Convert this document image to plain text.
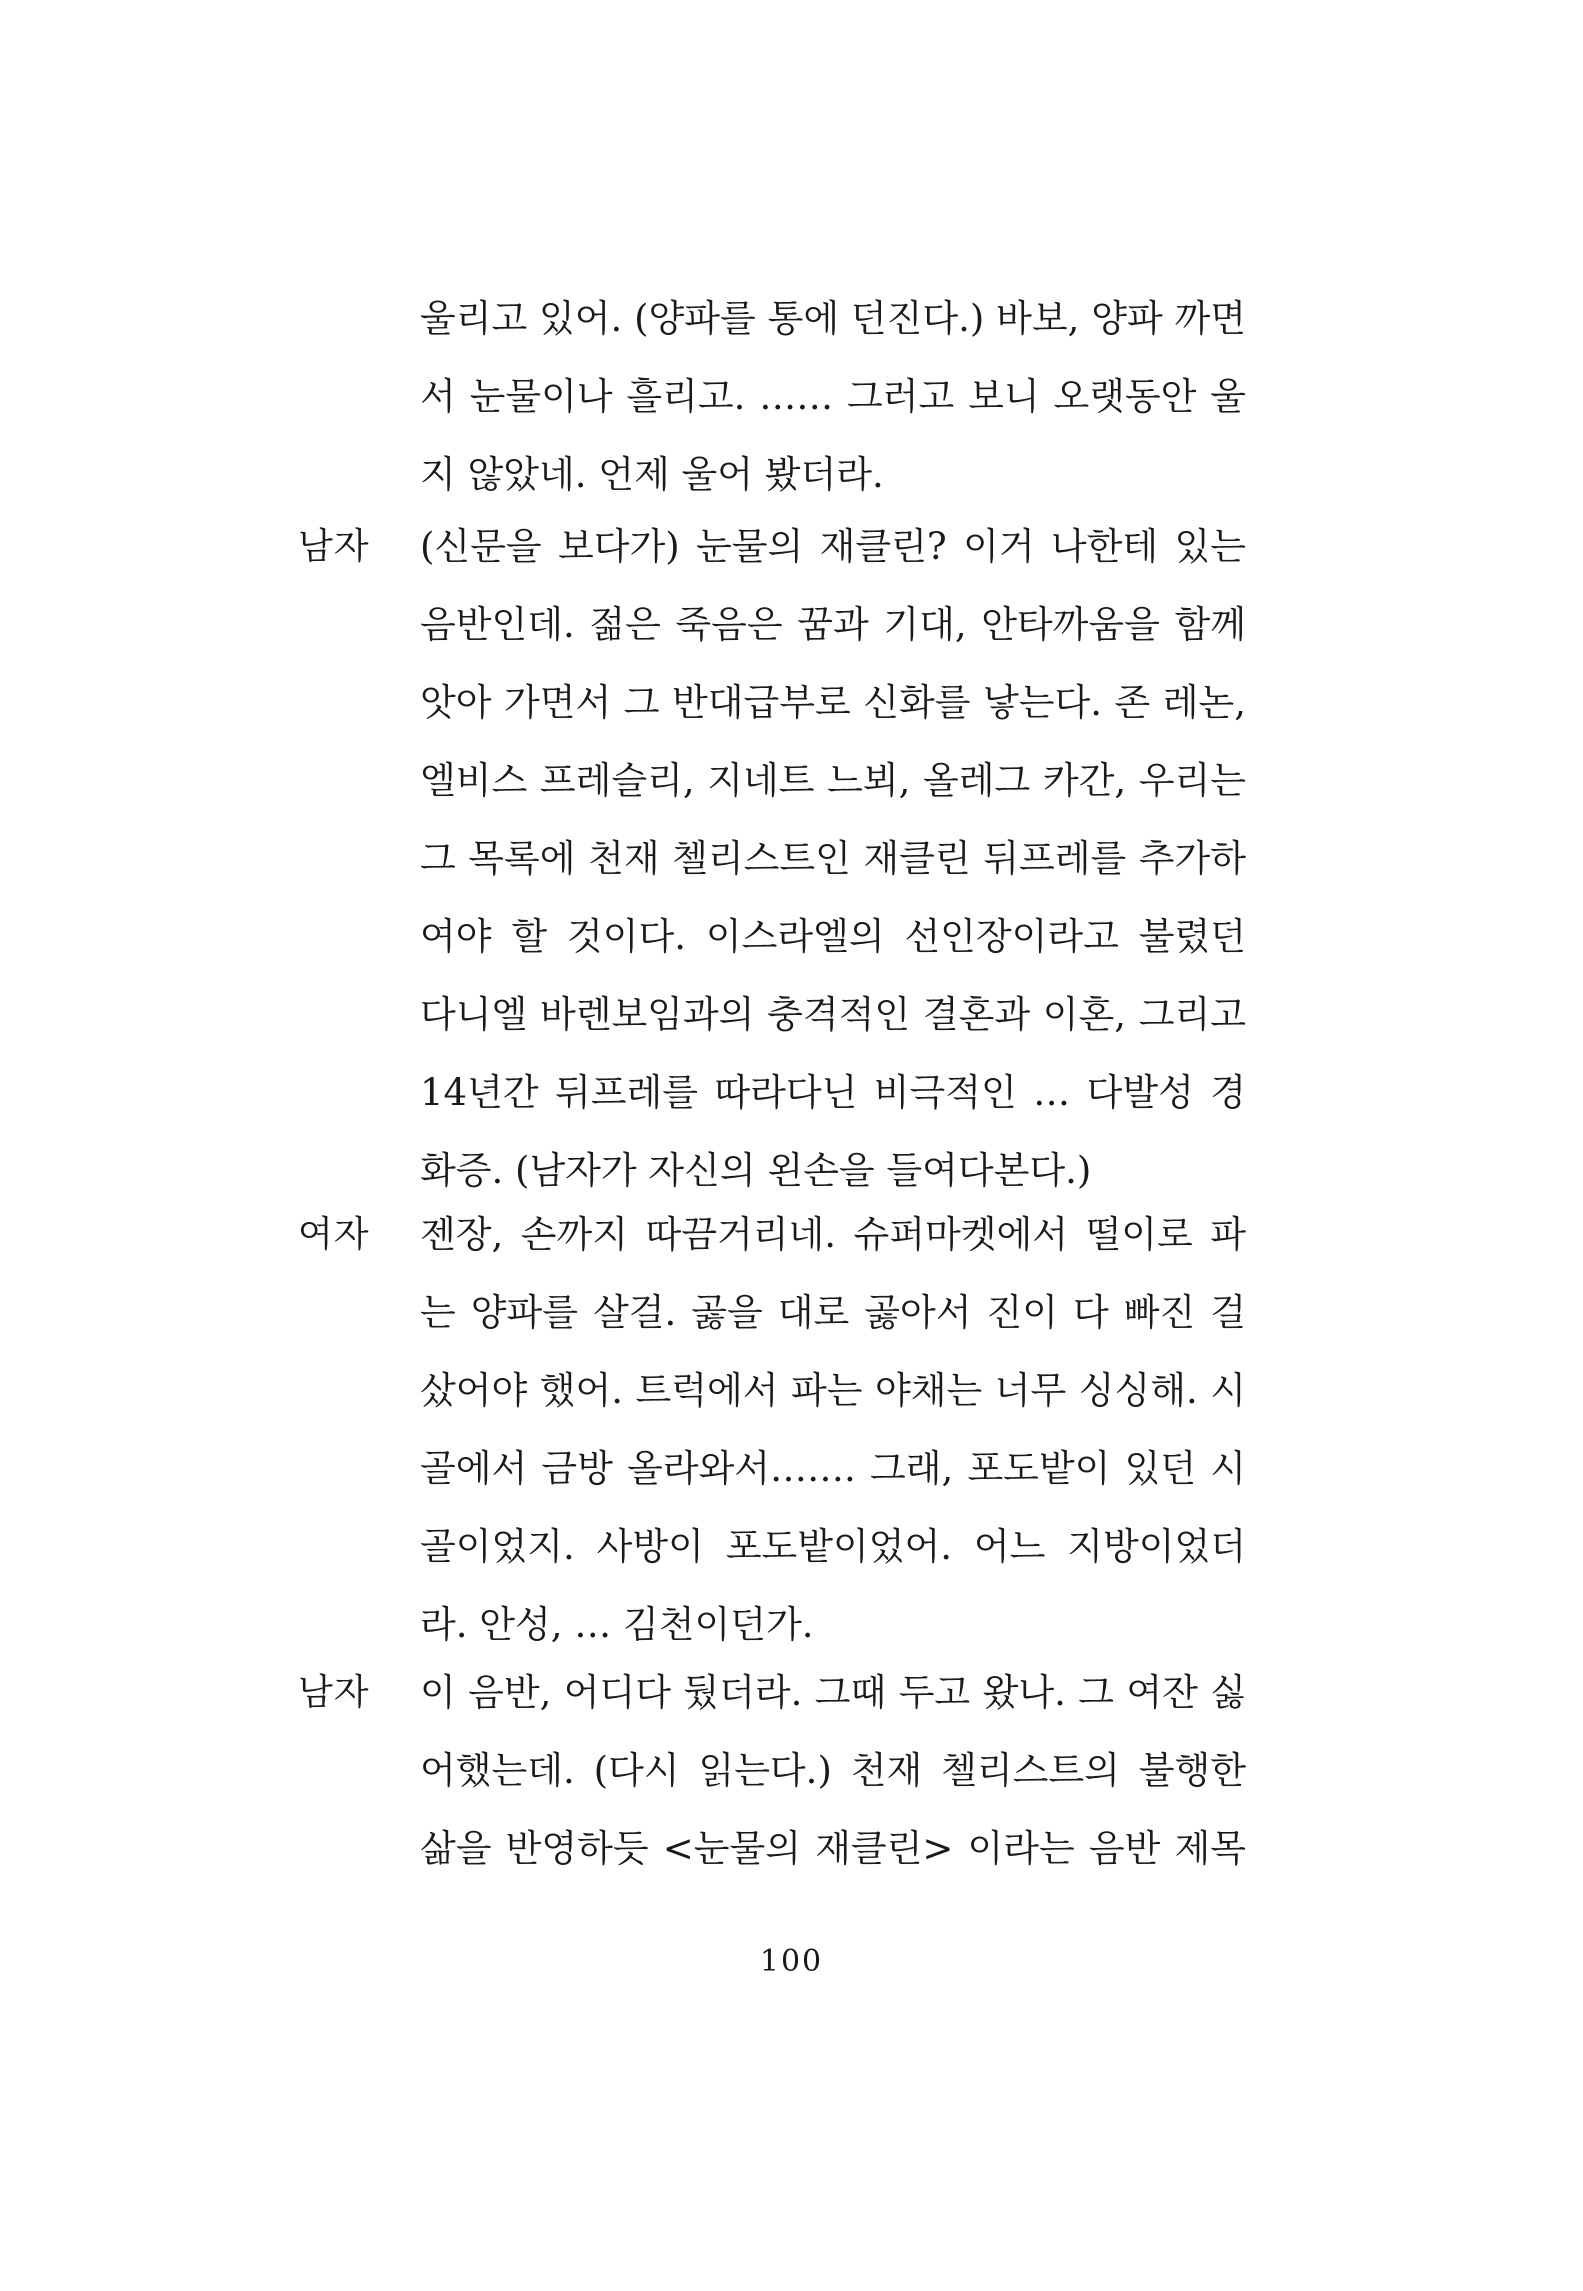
울리고 있어. (양파를 통에 던진다.) 바보, 양파 까면
서 눈물이나 흘리고. …… 그러고 보니 오랫동안 울
지 않았네. 언제 울어 봤더라.
남자 (신문을 보다가) 눈물의 재클린? 이거 나한테 있는
음반인데. 젊은 죽음은 꿈과 기대, 안타까움을 함께
앗아 가면서 그 반대급부로 신화를 낳는다. 존 레논,
엘비스 프레슬리, 지네트 느뵈, 올레그 카간, 우리는
그 목록에 천재 첼리스트인 재클린 뒤프레를 추가하
여야 할 것이다. 이스라엘의 선인장이라고 불렸던
다니엘 바렌보임과의 충격적인 결혼과 이혼, 그리고
14년간 뒤프레를 따라다닌 비극적인 … 다발성 경
화증. (남자가 자신의 왼손을 들여다본다.)
여자 젠장, 손까지 따끔거리네. 슈퍼마켓에서 떨이로 파
는 양파를 살걸. 곯을 대로 곯아서 진이 다 빠진 걸
샀어야 했어. 트럭에서 파는 야채는 너무 싱싱해. 시
골에서 금방 올라와서……. 그래, 포도밭이 있던 시
골이었지. 사방이 포도밭이었어. 어느 지방이었더
라. 안성, … 김천이던가.
남자 이 음반, 어디다 뒀더라. 그때 두고 왔나. 그 여잔 싫
어했는데. (다시 읽는다.) 천재 첼리스트의 불행한
삶을 반영하듯 <눈물의 재클린> 이라는 음반 제목
100
